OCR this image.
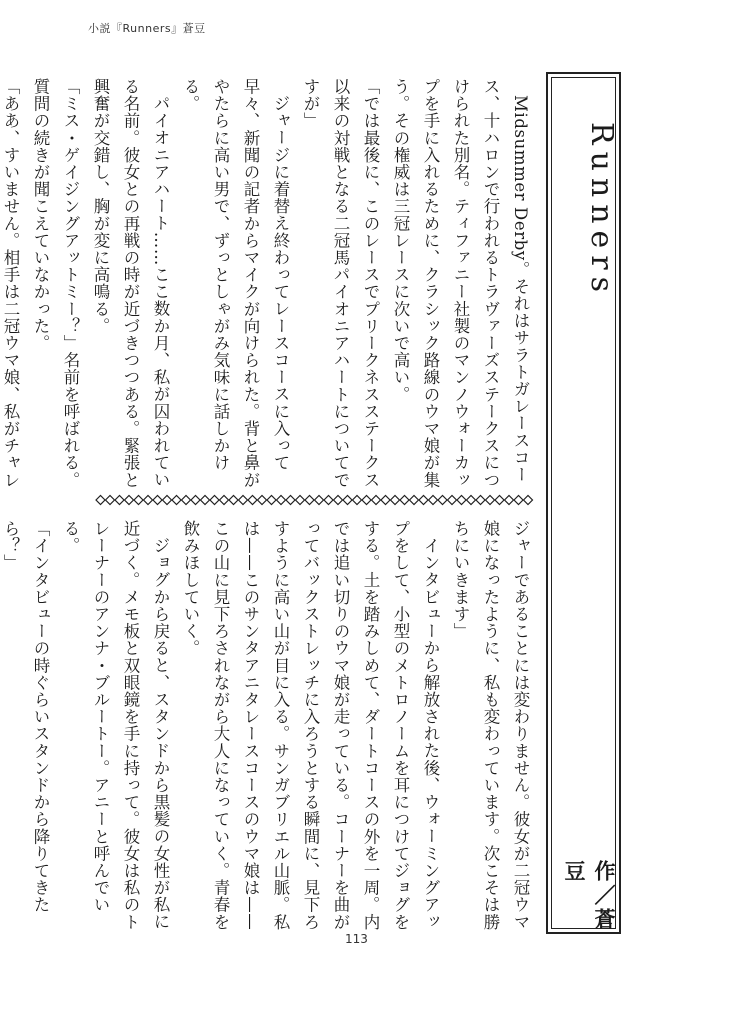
小説『Runners』蒼豆
Runners
作／蒼豆

Midsummer Derby。それはサラトガレースコース、十ハロンで行われるトラヴァーズステークスにつけられた別名。ティファニー社製のマンノウォーカップを手に入れるために、クラシック路線のウマ娘が集う。その権威は三冠レースに次いで高い。

「では最後に、このレースでプリークネスステークス以来の対戦となる二冠馬パイオニアハートについてですが」

ジャージに着替え終わってレースコースに入って早々、新聞の記者からマイクが向けられた。背と鼻がやたらに高い男で、ずっとしゃがみ気味に話しかける。

パイオニアハート……ここ数か月、私が囚われている名前。彼女との再戦の時が近づきつつある。緊張と興奮が交錯し、胸が変に高鳴る。

「ミス・ゲイジングアットミー？」名前を呼ばれる。質問の続きが聞こえていなかった。

「ああ、すいません。相手は二冠ウマ娘、私がチャレ

ジャーであることには変わりません。彼女が二冠ウマ娘になったように、私も変わっています。次こそは勝ちにいきます」

インタビューから解放された後、ウォーミングアップをして、小型のメトロノームを耳につけてジョグをする。土を踏みしめて、ダートコースの外を一周。内では追い切りのウマ娘が走っている。コーナーを曲がってバックストレッチに入ろうとする瞬間に、見下ろすように高い山が目に入る。サンガブリエル山脈。私は——このサンタアニタレースコースのウマ娘は——この山に見下ろされながら大人になっていく。青春を飲みほしていく。

ジョグから戻ると、スタンドから黒髪の女性が私に近づく。メモ板と双眼鏡を手に持って。彼女は私のトレーナーのアンナ・ブルートー。アニーと呼んでいる。

「インタビューの時ぐらいスタンドから降りてきたら？」

113
